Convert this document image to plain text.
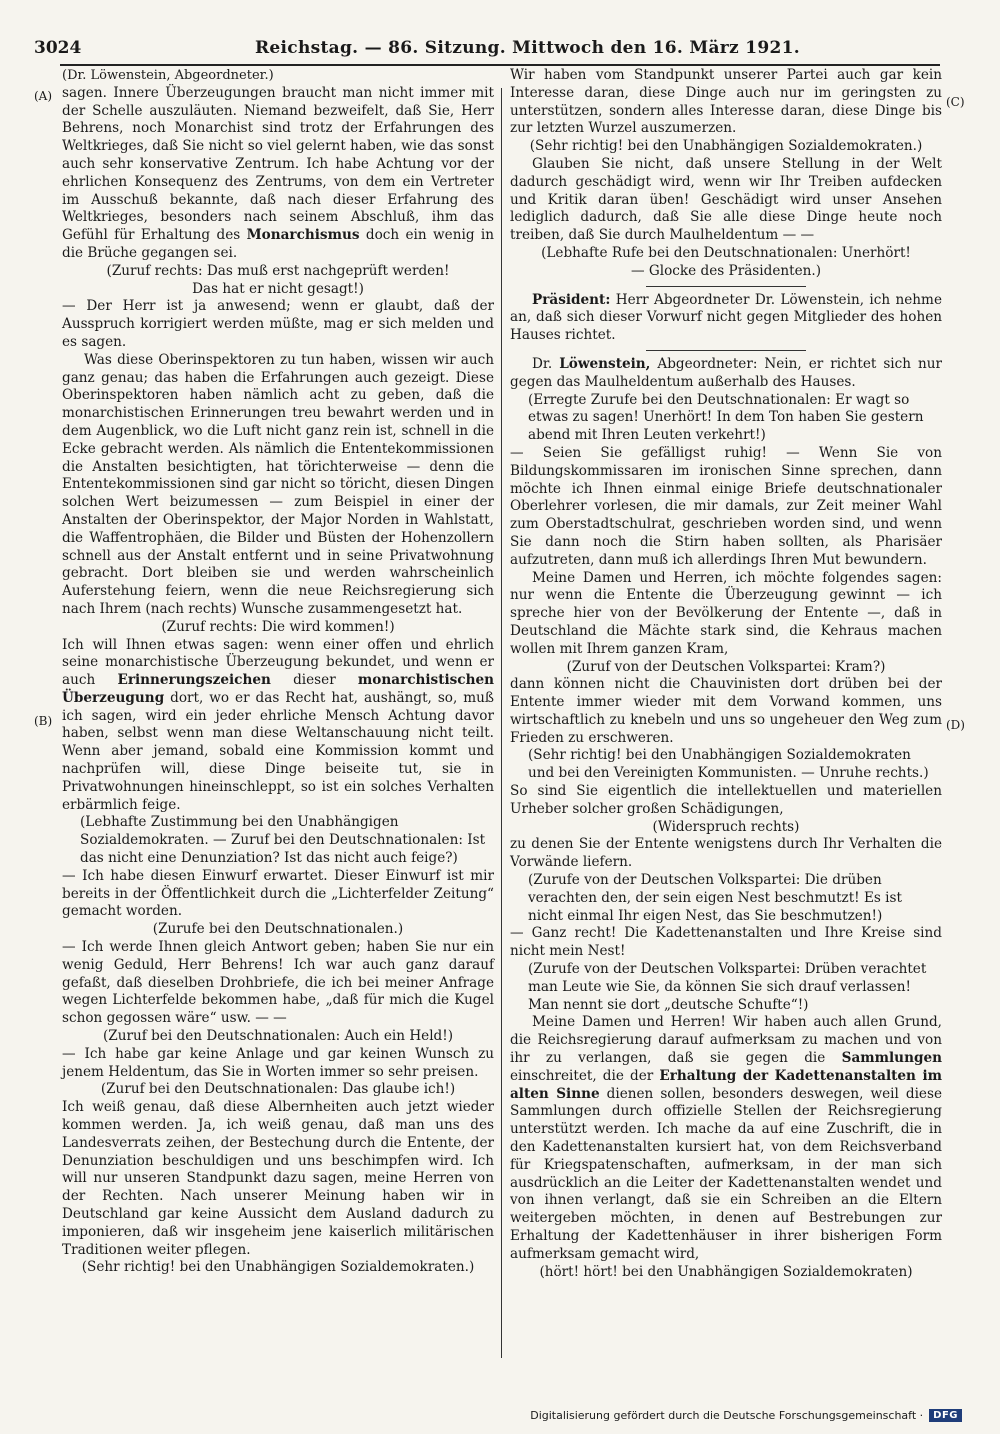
3024	Reichstag. — 86. Sitzung. Mittwoch den 16. März 1921.
(A)
(B)
(C)
(D)

(Dr. Löwenstein, Abgeordneter.)

sagen. Innere Überzeugungen braucht man nicht immer mit der Schelle auszuläuten. Niemand bezweifelt, daß Sie, Herr Behrens, noch Monarchist sind trotz der Erfahrungen des Weltkrieges, daß Sie nicht so viel gelernt haben, wie das sonst auch sehr konservative Zentrum. Ich habe Achtung vor der ehrlichen Konsequenz des Zentrums, von dem ein Vertreter im Ausschuß bekannte, daß nach dieser Erfahrung des Weltkrieges, besonders nach seinem Abschluß, ihm das Gefühl für Erhaltung des Monarchismus doch ein wenig in die Brüche gegangen sei.

(Zuruf rechts: Das muß erst nachgeprüft werden!

Das hat er nicht gesagt!)

— Der Herr ist ja anwesend; wenn er glaubt, daß der Ausspruch korrigiert werden müßte, mag er sich melden und es sagen.

Was diese Oberinspektoren zu tun haben, wissen wir auch ganz genau; das haben die Erfahrungen auch gezeigt. Diese Oberinspektoren haben nämlich acht zu geben, daß die monarchistischen Erinnerungen treu bewahrt werden und in dem Augenblick, wo die Luft nicht ganz rein ist, schnell in die Ecke gebracht werden. Als nämlich die Ententekommissionen die Anstalten besichtigten, hat törichterweise — denn die Ententekommissionen sind gar nicht so töricht, diesen Dingen solchen Wert beizumessen — zum Beispiel in einer der Anstalten der Oberinspektor, der Major Norden in Wahlstatt, die Waffentrophäen, die Bilder und Büsten der Hohenzollern schnell aus der Anstalt entfernt und in seine Privatwohnung gebracht. Dort bleiben sie und werden wahrscheinlich Auferstehung feiern, wenn die neue Reichsregierung sich nach Ihrem (nach rechts) Wunsche zusammengesetzt hat.

(Zuruf rechts: Die wird kommen!)

Ich will Ihnen etwas sagen: wenn einer offen und ehrlich seine monarchistische Überzeugung bekundet, und wenn er auch Erinnerungszeichen dieser monarchistischen Überzeugung dort, wo er das Recht hat, aushängt, so, muß ich sagen, wird ein jeder ehrliche Mensch Achtung davor haben, selbst wenn man diese Weltanschauung nicht teilt. Wenn aber jemand, sobald eine Kommission kommt und nachprüfen will, diese Dinge beiseite tut, sie in Privatwohnungen hineinschleppt, so ist ein solches Verhalten erbärmlich feige.

(Lebhafte Zustimmung bei den Unabhängigen Sozialdemokraten. — Zuruf bei den Deutschnationalen: Ist das nicht eine Denunziation? Ist das nicht auch feige?)

— Ich habe diesen Einwurf erwartet. Dieser Einwurf ist mir bereits in der Öffentlichkeit durch die „Lichterfelder Zeitung“ gemacht worden.

(Zurufe bei den Deutschnationalen.)

— Ich werde Ihnen gleich Antwort geben; haben Sie nur ein wenig Geduld, Herr Behrens! Ich war auch ganz darauf gefaßt, daß dieselben Drohbriefe, die ich bei meiner Anfrage wegen Lichterfelde bekommen habe, „daß für mich die Kugel schon gegossen wäre“ usw. — —

(Zuruf bei den Deutschnationalen: Auch ein Held!)

— Ich habe gar keine Anlage und gar keinen Wunsch zu jenem Heldentum, das Sie in Worten immer so sehr preisen.

(Zuruf bei den Deutschnationalen: Das glaube ich!)

Ich weiß genau, daß diese Albernheiten auch jetzt wieder kommen werden. Ja, ich weiß genau, daß man uns des Landesverrats zeihen, der Bestechung durch die Entente, der Denunziation beschuldigen und uns beschimpfen wird. Ich will nur unseren Standpunkt dazu sagen, meine Herren von der Rechten. Nach unserer Meinung haben wir in Deutschland gar keine Aussicht dem Ausland dadurch zu imponieren, daß wir insgeheim jene kaiserlich militärischen Traditionen weiter pflegen.

(Sehr richtig! bei den Unabhängigen Sozialdemokraten.)

Wir haben vom Standpunkt unserer Partei auch gar kein Interesse daran, diese Dinge auch nur im geringsten zu unterstützen, sondern alles Interesse daran, diese Dinge bis zur letzten Wurzel auszumerzen.

(Sehr richtig! bei den Unabhängigen Sozialdemokraten.)

Glauben Sie nicht, daß unsere Stellung in der Welt dadurch geschädigt wird, wenn wir Ihr Treiben aufdecken und Kritik daran üben! Geschädigt wird unser Ansehen lediglich dadurch, daß Sie alle diese Dinge heute noch treiben, daß Sie durch Maulheldentum — —

(Lebhafte Rufe bei den Deutschnationalen: Unerhört!

— Glocke des Präsidenten.)

Präsident: Herr Abgeordneter Dr. Löwenstein, ich nehme an, daß sich dieser Vorwurf nicht gegen Mitglieder des hohen Hauses richtet.

Dr. Löwenstein, Abgeordneter: Nein, er richtet sich nur gegen das Maulheldentum außerhalb des Hauses.

(Erregte Zurufe bei den Deutschnationalen: Er wagt so etwas zu sagen! Unerhört! In dem Ton haben Sie gestern abend mit Ihren Leuten verkehrt!)

— Seien Sie gefälligst ruhig! — Wenn Sie von Bildungskommissaren im ironischen Sinne sprechen, dann möchte ich Ihnen einmal einige Briefe deutschnationaler Oberlehrer vorlesen, die mir damals, zur Zeit meiner Wahl zum Oberstadtschulrat, geschrieben worden sind, und wenn Sie dann noch die Stirn haben sollten, als Pharisäer aufzutreten, dann muß ich allerdings Ihren Mut bewundern.

Meine Damen und Herren, ich möchte folgendes sagen: nur wenn die Entente die Überzeugung gewinnt — ich spreche hier von der Bevölkerung der Entente —, daß in Deutschland die Mächte stark sind, die Kehraus machen wollen mit Ihrem ganzen Kram,

(Zuruf von der Deutschen Volkspartei: Kram?)

dann können nicht die Chauvinisten dort drüben bei der Entente immer wieder mit dem Vorwand kommen, uns wirtschaftlich zu knebeln und uns so ungeheuer den Weg zum Frieden zu erschweren.

(Sehr richtig! bei den Unabhängigen Sozialdemokraten und bei den Vereinigten Kommunisten. — Unruhe rechts.)

So sind Sie eigentlich die intellektuellen und materiellen Urheber solcher großen Schädigungen,

(Widerspruch rechts)

zu denen Sie der Entente wenigstens durch Ihr Verhalten die Vorwände liefern.

(Zurufe von der Deutschen Volkspartei: Die drüben verachten den, der sein eigen Nest beschmutzt! Es ist nicht einmal Ihr eigen Nest, das Sie beschmutzen!)

— Ganz recht! Die Kadettenanstalten und Ihre Kreise sind nicht mein Nest!

(Zurufe von der Deutschen Volkspartei: Drüben verachtet man Leute wie Sie, da können Sie sich drauf verlassen! Man nennt sie dort „deutsche Schufte“!)

Meine Damen und Herren! Wir haben auch allen Grund, die Reichsregierung darauf aufmerksam zu machen und von ihr zu verlangen, daß sie gegen die Sammlungen einschreitet, die der Erhaltung der Kadettenanstalten im alten Sinne dienen sollen, besonders deswegen, weil diese Sammlungen durch offizielle Stellen der Reichsregierung unterstützt werden. Ich mache da auf eine Zuschrift, die in den Kadettenanstalten kursiert hat, von dem Reichsverband für Kriegspatenschaften, aufmerksam, in der man sich ausdrücklich an die Leiter der Kadettenanstalten wendet und von ihnen verlangt, daß sie ein Schreiben an die Eltern weitergeben möchten, in denen auf Bestrebungen zur Erhaltung der Kadettenhäuser in ihrer bisherigen Form aufmerksam gemacht wird,

(hört! hört! bei den Unabhängigen Sozialdemokraten)

Digitalisierung gefördert durch die Deutsche Forschungsgemeinschaft ·	DFG
